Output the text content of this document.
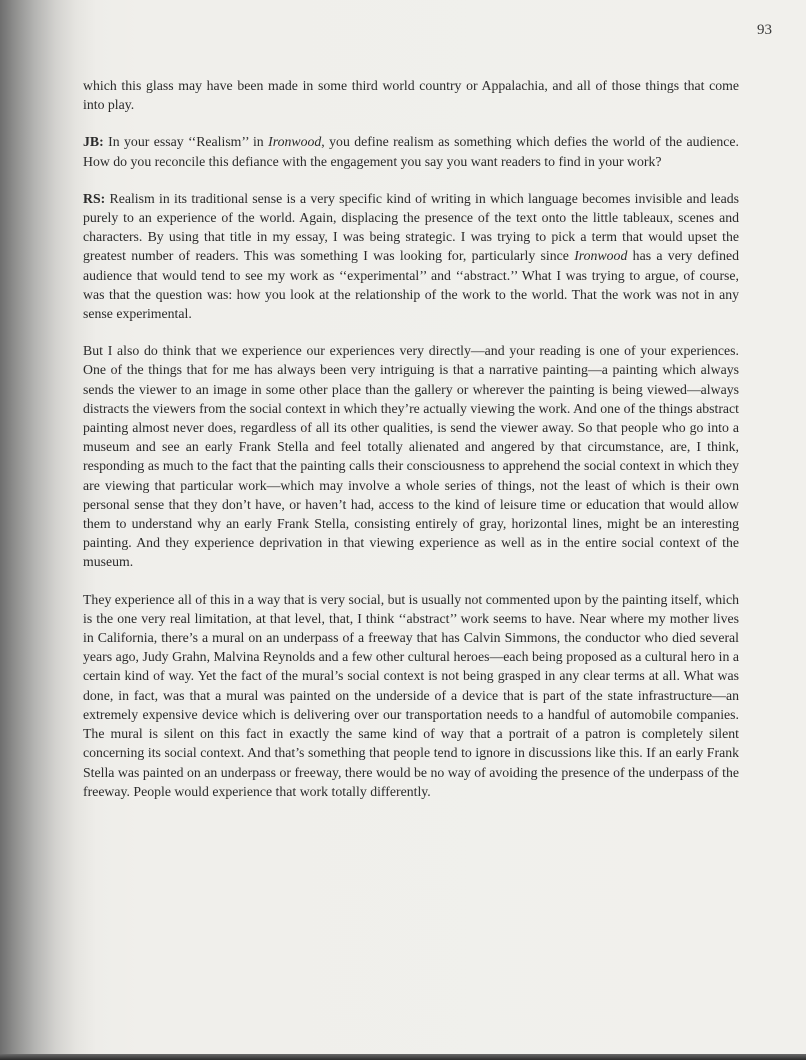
93

which this glass may have been made in some third world country or Appalachia, and all of those things that come into play.

JB: In your essay ‘‘Realism’’ in Ironwood, you define realism as something which defies the world of the audience. How do you reconcile this defiance with the engagement you say you want readers to find in your work?

RS: Realism in its traditional sense is a very specific kind of writing in which language becomes invisible and leads purely to an experience of the world. Again, displacing the presence of the text onto the little tableaux, scenes and characters. By using that title in my essay, I was being strategic. I was trying to pick a term that would upset the greatest number of readers. This was something I was looking for, particularly since Ironwood has a very defined audience that would tend to see my work as ‘‘experimental’’ and ‘‘abstract.’’ What I was trying to argue, of course, was that the question was: how you look at the relationship of the work to the world. That the work was not in any sense experimental.

But I also do think that we experience our experiences very directly—and your reading is one of your experiences. One of the things that for me has always been very intriguing is that a narrative painting—a painting which always sends the viewer to an image in some other place than the gallery or wherever the painting is being viewed—always distracts the viewers from the social context in which they’re actually viewing the work. And one of the things abstract painting almost never does, regardless of all its other qualities, is send the viewer away. So that people who go into a museum and see an early Frank Stella and feel totally alienated and angered by that circumstance, are, I think, responding as much to the fact that the painting calls their consciousness to apprehend the social context in which they are viewing that particular work—which may involve a whole series of things, not the least of which is their own personal sense that they don’t have, or haven’t had, access to the kind of leisure time or education that would allow them to understand why an early Frank Stella, consisting entirely of gray, horizontal lines, might be an interesting painting. And they experience deprivation in that viewing experience as well as in the entire social context of the museum.

They experience all of this in a way that is very social, but is usually not commented upon by the painting itself, which is the one very real limitation, at that level, that, I think ‘‘abstract’’ work seems to have. Near where my mother lives in California, there’s a mural on an underpass of a freeway that has Calvin Simmons, the conductor who died several years ago, Judy Grahn, Malvina Reynolds and a few other cultural heroes—each being proposed as a cultural hero in a certain kind of way. Yet the fact of the mural’s social context is not being grasped in any clear terms at all. What was done, in fact, was that a mural was painted on the underside of a device that is part of the state infrastructure—an extremely expensive device which is delivering over our transportation needs to a handful of automobile companies. The mural is silent on this fact in exactly the same kind of way that a portrait of a patron is completely silent concerning its social context. And that’s something that people tend to ignore in discussions like this. If an early Frank Stella was painted on an underpass or freeway, there would be no way of avoiding the presence of the underpass of the freeway. People would experience that work totally differently.
